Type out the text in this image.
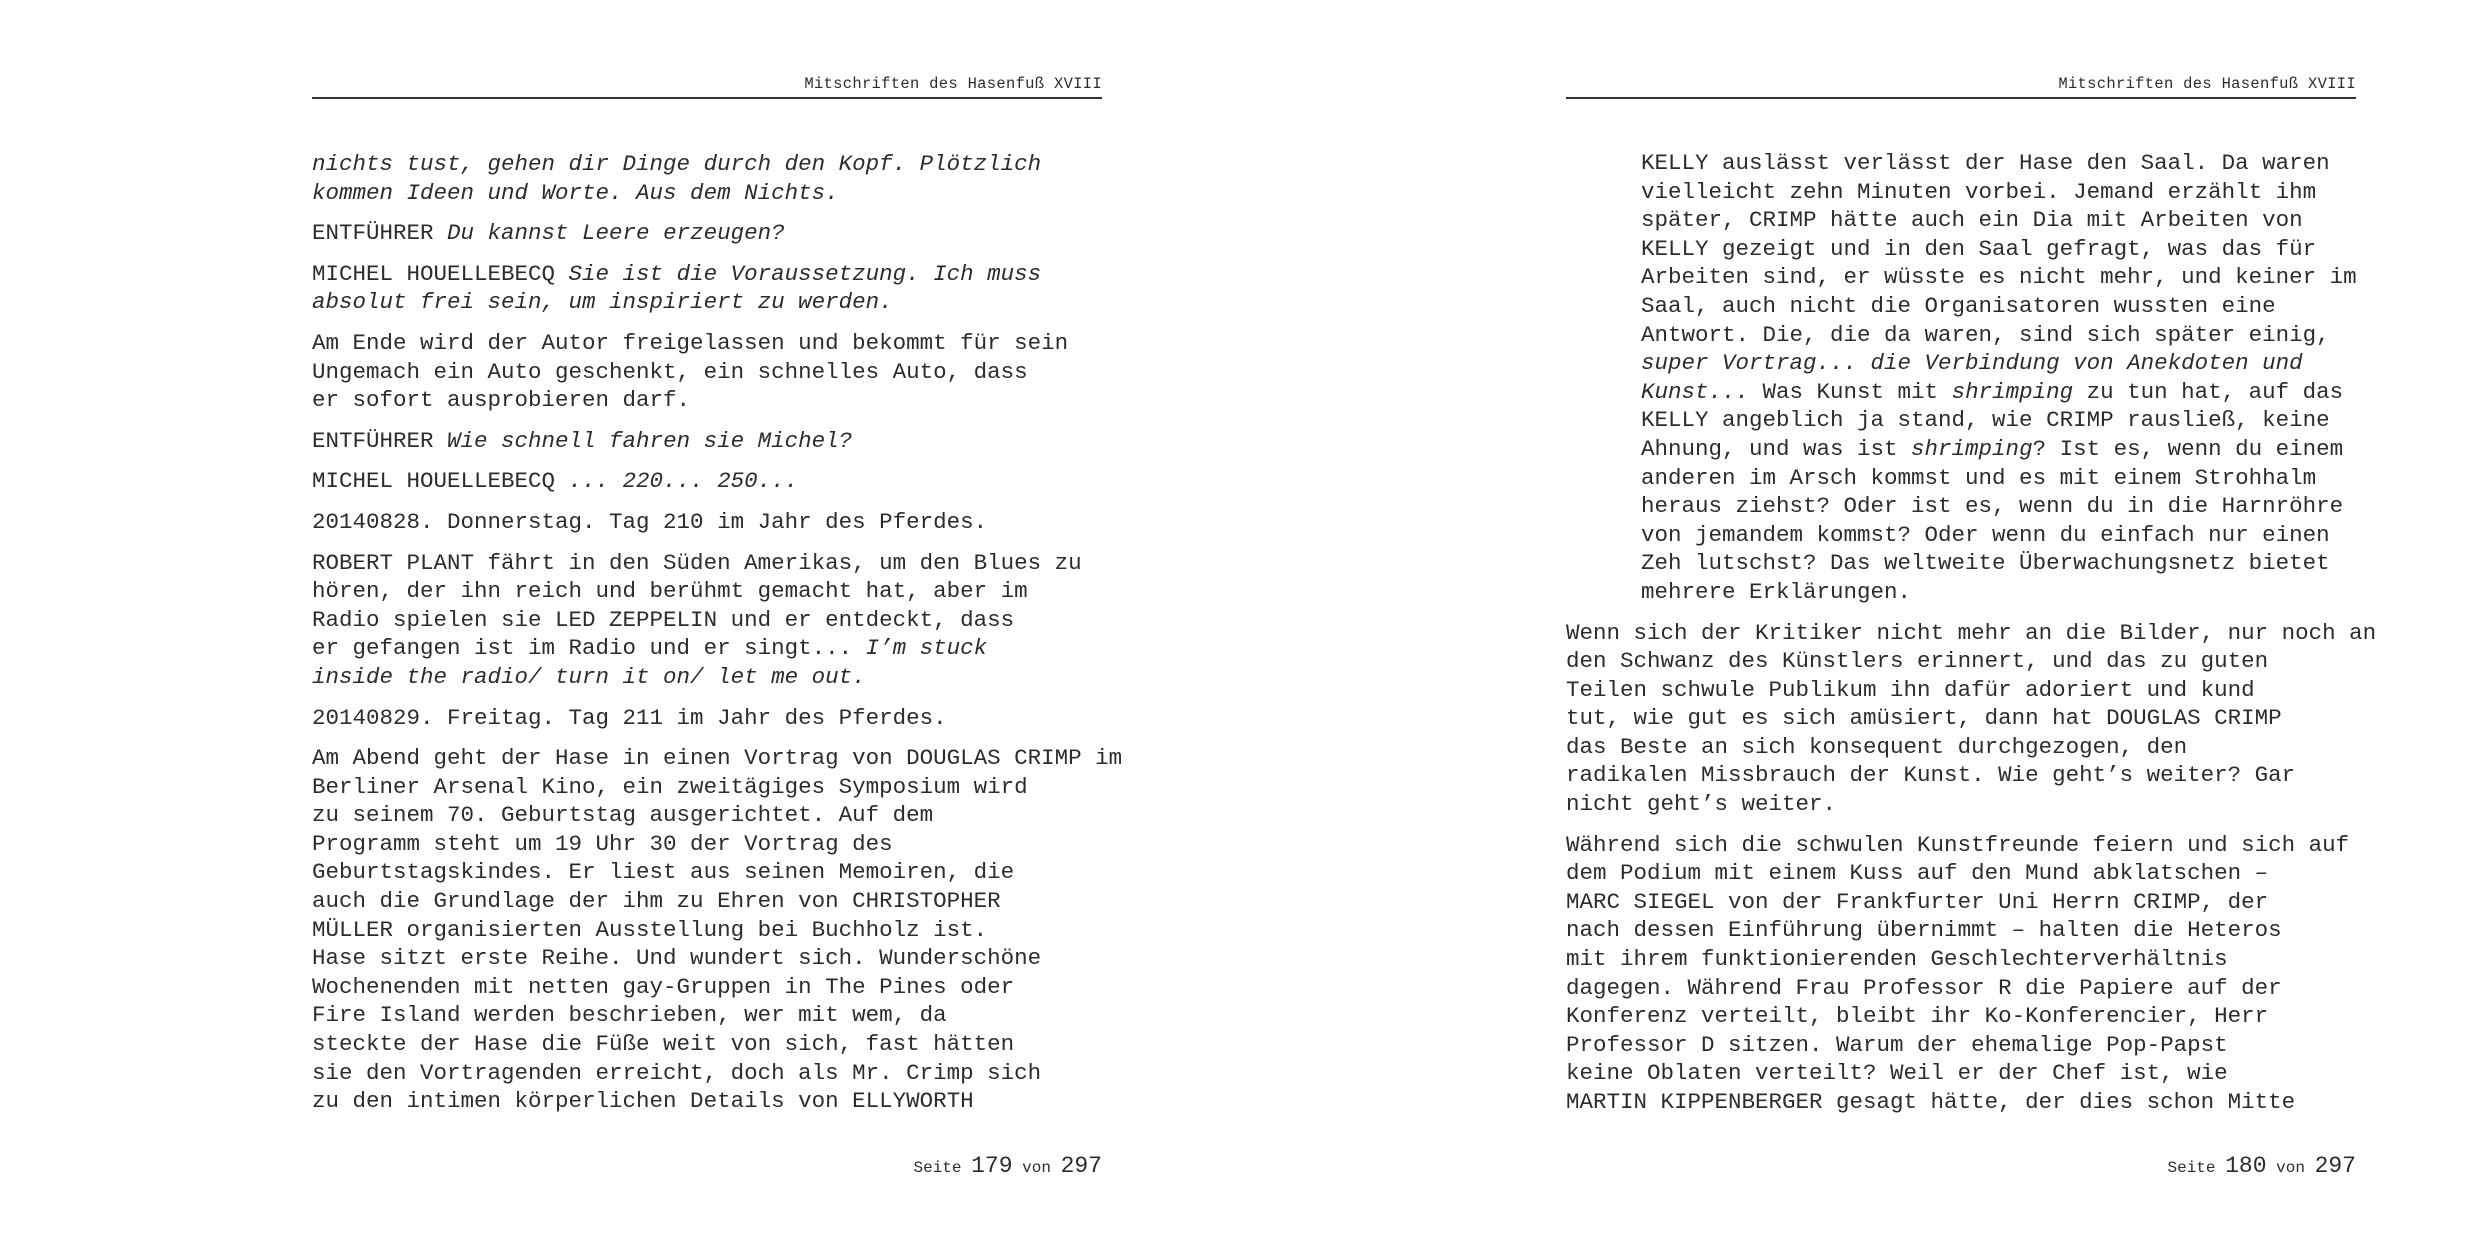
Mitschriften des Hasenfuß XVIII
nichts tust, gehen dir Dinge durch den Kopf. Plötzlich
kommen Ideen und Worte. Aus dem Nichts.
ENTFÜHRER Du kannst Leere erzeugen?
MICHEL HOUELLEBECQ Sie ist die Voraussetzung. Ich muss
absolut frei sein, um inspiriert zu werden.
Am Ende wird der Autor freigelassen und bekommt für sein
Ungemach ein Auto geschenkt, ein schnelles Auto, dass
er sofort ausprobieren darf.
ENTFÜHRER Wie schnell fahren sie Michel?
MICHEL HOUELLEBECQ ... 220... 250...
20140828. Donnerstag. Tag 210 im Jahr des Pferdes.
ROBERT PLANT fährt in den Süden Amerikas, um den Blues zu
hören, der ihn reich und berühmt gemacht hat, aber im
Radio spielen sie LED ZEPPELIN und er entdeckt, dass
er gefangen ist im Radio und er singt... I’m stuck
inside the radio/ turn it on/ let me out.
20140829. Freitag. Tag 211 im Jahr des Pferdes.
Am Abend geht der Hase in einen Vortrag von DOUGLAS CRIMP im
Berliner Arsenal Kino, ein zweitägiges Symposium wird
zu seinem 70. Geburtstag ausgerichtet. Auf dem
Programm steht um 19 Uhr 30 der Vortrag des
Geburtstagskindes. Er liest aus seinen Memoiren, die
auch die Grundlage der ihm zu Ehren von CHRISTOPHER
MÜLLER organisierten Ausstellung bei Buchholz ist.
Hase sitzt erste Reihe. Und wundert sich. Wunderschöne
Wochenenden mit netten gay-Gruppen in The Pines oder
Fire Island werden beschrieben, wer mit wem, da
steckte der Hase die Füße weit von sich, fast hätten
sie den Vortragenden erreicht, doch als Mr. Crimp sich
zu den intimen körperlichen Details von ELLYWORTH
Seite 179 von 297
Mitschriften des Hasenfuß XVIII
KELLY auslässt verlässt der Hase den Saal. Da waren
vielleicht zehn Minuten vorbei. Jemand erzählt ihm
später, CRIMP hätte auch ein Dia mit Arbeiten von
KELLY gezeigt und in den Saal gefragt, was das für
Arbeiten sind, er wüsste es nicht mehr, und keiner im
Saal, auch nicht die Organisatoren wussten eine
Antwort. Die, die da waren, sind sich später einig,
super Vortrag... die Verbindung von Anekdoten und
Kunst... Was Kunst mit shrimping zu tun hat, auf das
KELLY angeblich ja stand, wie CRIMP rausließ, keine
Ahnung, und was ist shrimping? Ist es, wenn du einem
anderen im Arsch kommst und es mit einem Strohhalm
heraus ziehst? Oder ist es, wenn du in die Harnröhre
von jemandem kommst? Oder wenn du einfach nur einen
Zeh lutschst? Das weltweite Überwachungsnetz bietet
mehrere Erklärungen.
Wenn sich der Kritiker nicht mehr an die Bilder, nur noch an
den Schwanz des Künstlers erinnert, und das zu guten
Teilen schwule Publikum ihn dafür adoriert und kund
tut, wie gut es sich amüsiert, dann hat DOUGLAS CRIMP
das Beste an sich konsequent durchgezogen, den
radikalen Missbrauch der Kunst. Wie geht’s weiter? Gar
nicht geht’s weiter.
Während sich die schwulen Kunstfreunde feiern und sich auf
dem Podium mit einem Kuss auf den Mund abklatschen –
MARC SIEGEL von der Frankfurter Uni Herrn CRIMP, der
nach dessen Einführung übernimmt – halten die Heteros
mit ihrem funktionierenden Geschlechterverhältnis
dagegen. Während Frau Professor R die Papiere auf der
Konferenz verteilt, bleibt ihr Ko-Konferencier, Herr
Professor D sitzen. Warum der ehemalige Pop-Papst
keine Oblaten verteilt? Weil er der Chef ist, wie
MARTIN KIPPENBERGER gesagt hätte, der dies schon Mitte
Seite 180 von 297
